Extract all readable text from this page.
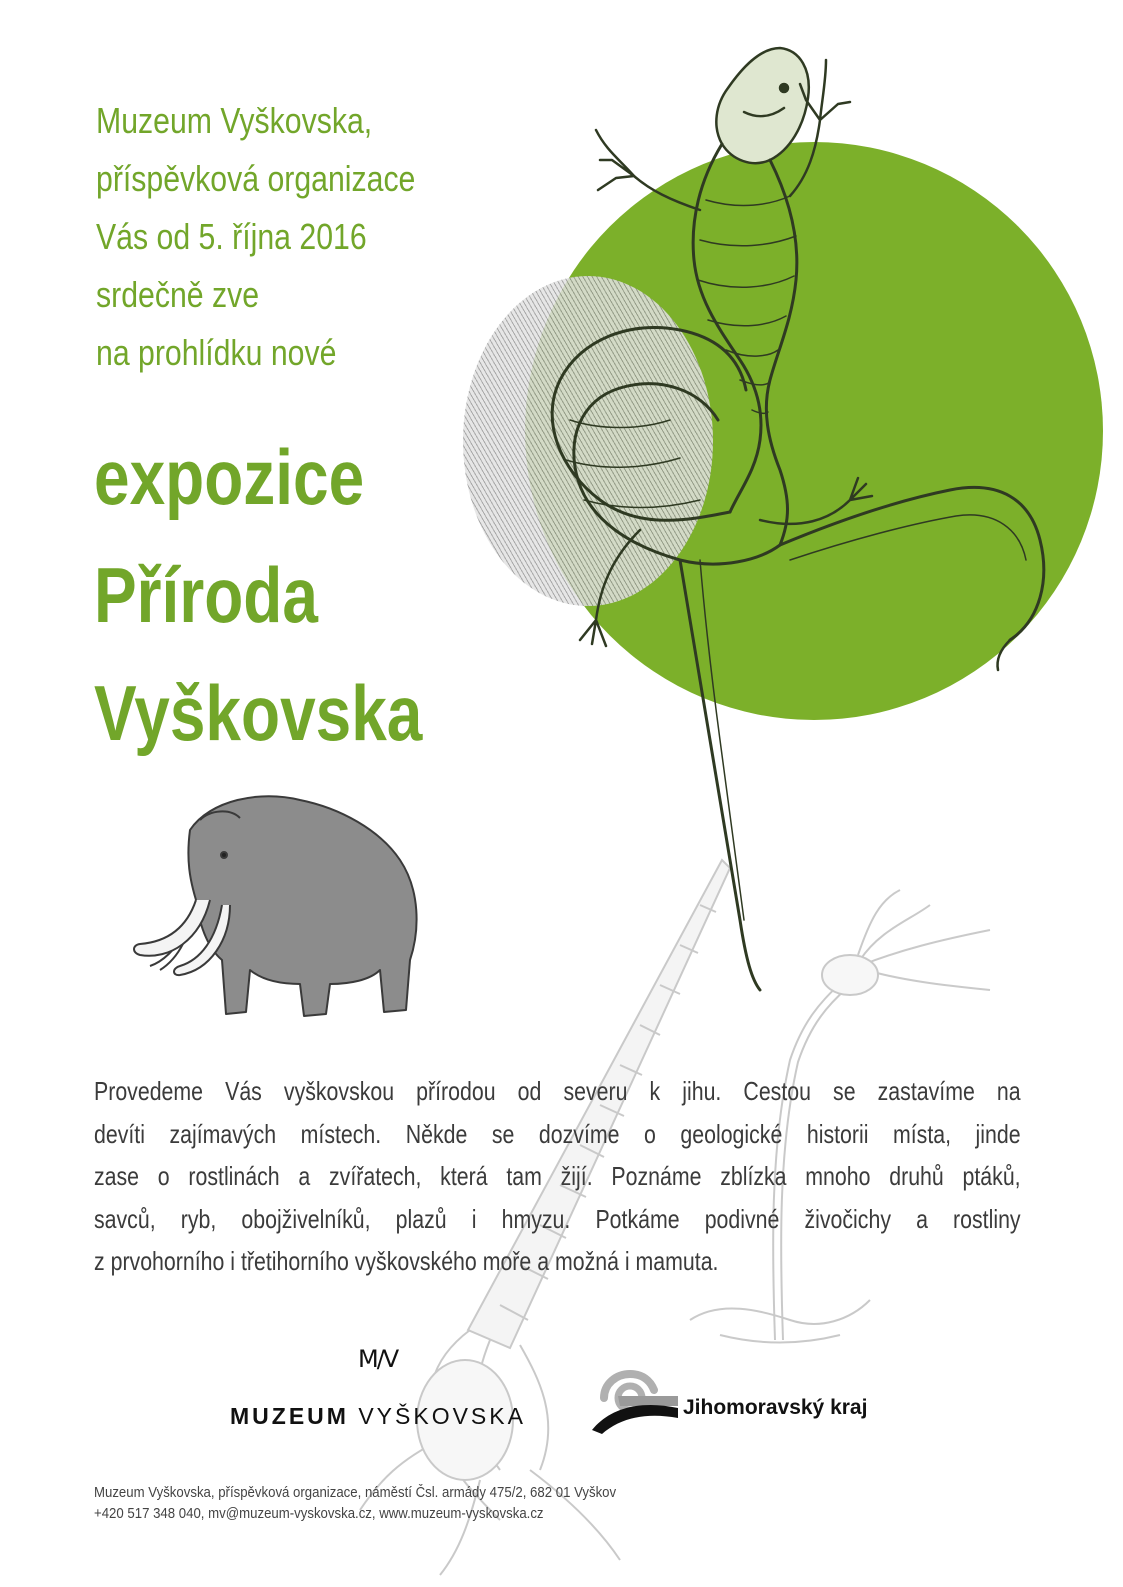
Muzeum Vyškovska,
příspěvková organizace
Vás od 5. října 2016
srdečně zve
na prohlídku nové

expozice
Příroda
Vyškovska
Provedeme Vás vyškovskou přírodou od severu k jihu. Cestou se zastavíme na
devíti zajímavých místech. Někde se dozvíme o geologické historii místa, jinde
zase o rostlinách a zvířatech, která tam žijí. Poznáme zblízka mnoho druhů ptáků,
savců, ryb, obojživelníků, plazů i hmyzu. Potkáme podivné živočichy a rostliny
z prvohorního i třetihorního vyškovského moře a možná i mamuta.
M/V
MUZEUM VYŠKOVSKA	Jihomoravský kraj

Muzeum Vyškovska, příspěvková organizace, náměstí Čsl. armády 475/2, 682 01 Vyškov
+420 517 348 040, mv@muzeum-vyskovska.cz, www.muzeum-vyskovska.cz
